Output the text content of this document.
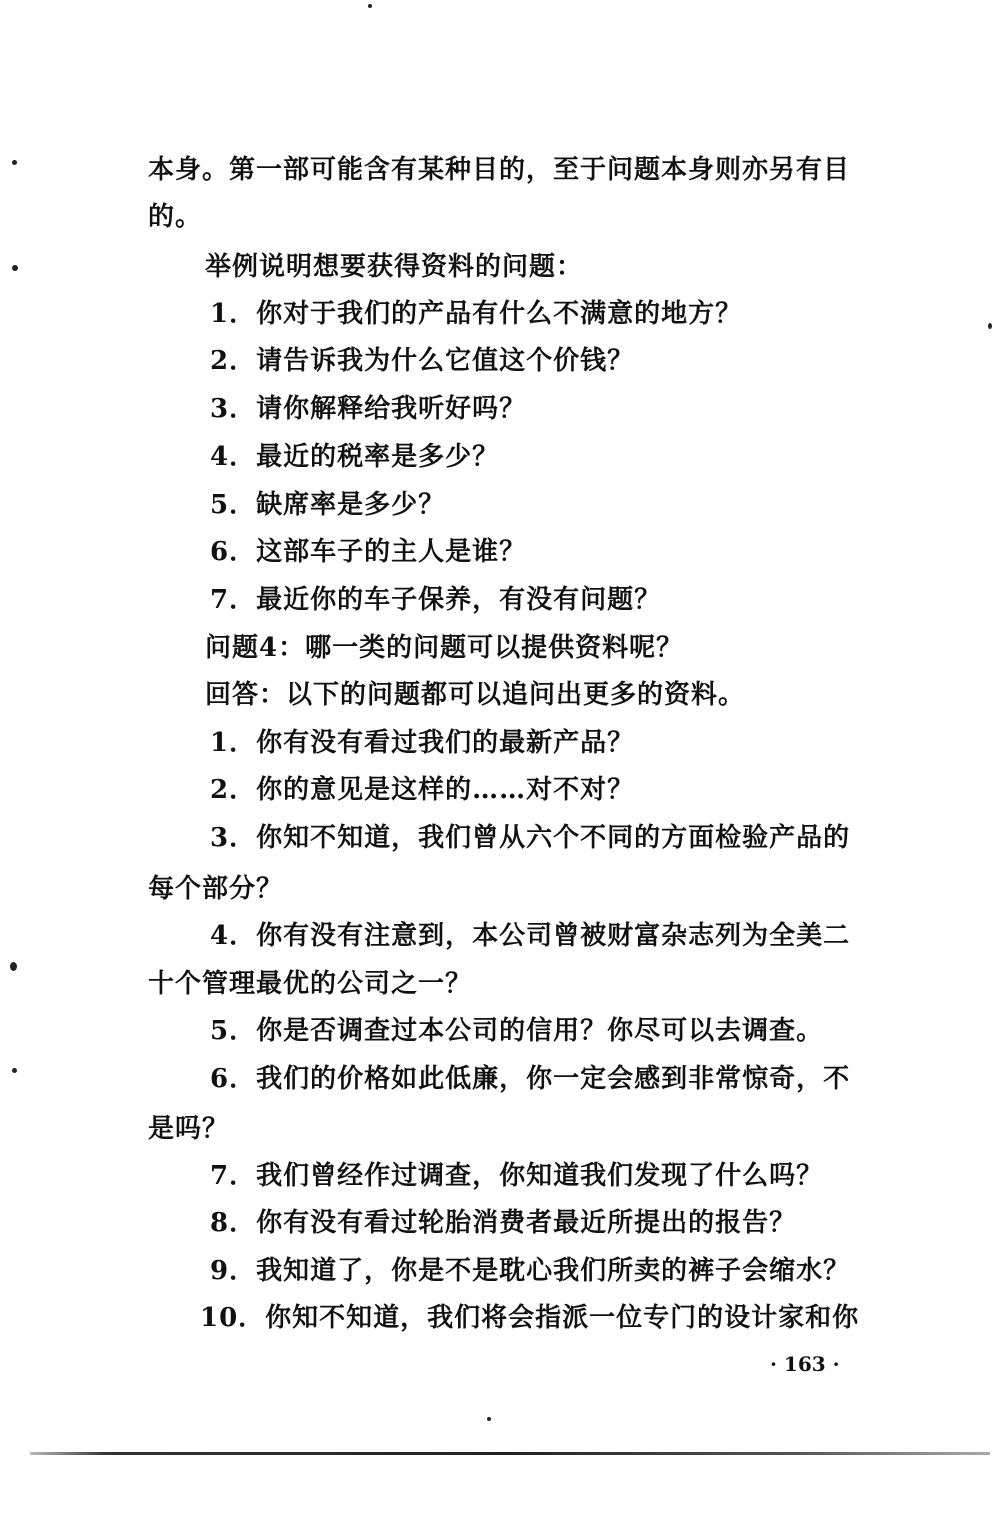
本身。第一部可能含有某种目的，至于问题本身则亦另有目
的。
举例说明想要获得资料的问题：
1．你对于我们的产品有什么不满意的地方？
2．请告诉我为什么它值这个价钱？
3．请你解释给我听好吗？
4．最近的税率是多少？
5．缺席率是多少？
6．这部车子的主人是谁？
7．最近你的车子保养，有没有问题？
问题4：哪一类的问题可以提供资料呢？
回答：以下的问题都可以追问出更多的资料。
1．你有没有看过我们的最新产品？
2．你的意见是这样的……对不对？
3．你知不知道，我们曾从六个不同的方面检验产品的
每个部分？
4．你有没有注意到，本公司曾被财富杂志列为全美二
十个管理最优的公司之一？
5．你是否调查过本公司的信用？你尽可以去调查。
6．我们的价格如此低廉，你一定会感到非常惊奇，不
是吗？
7．我们曾经作过调查，你知道我们发现了什么吗？
8．你有没有看过轮胎消费者最近所提出的报告？
9．我知道了，你是不是耽心我们所卖的裤子会缩水？
10．你知不知道，我们将会指派一位专门的设计家和你
· 163 ·
